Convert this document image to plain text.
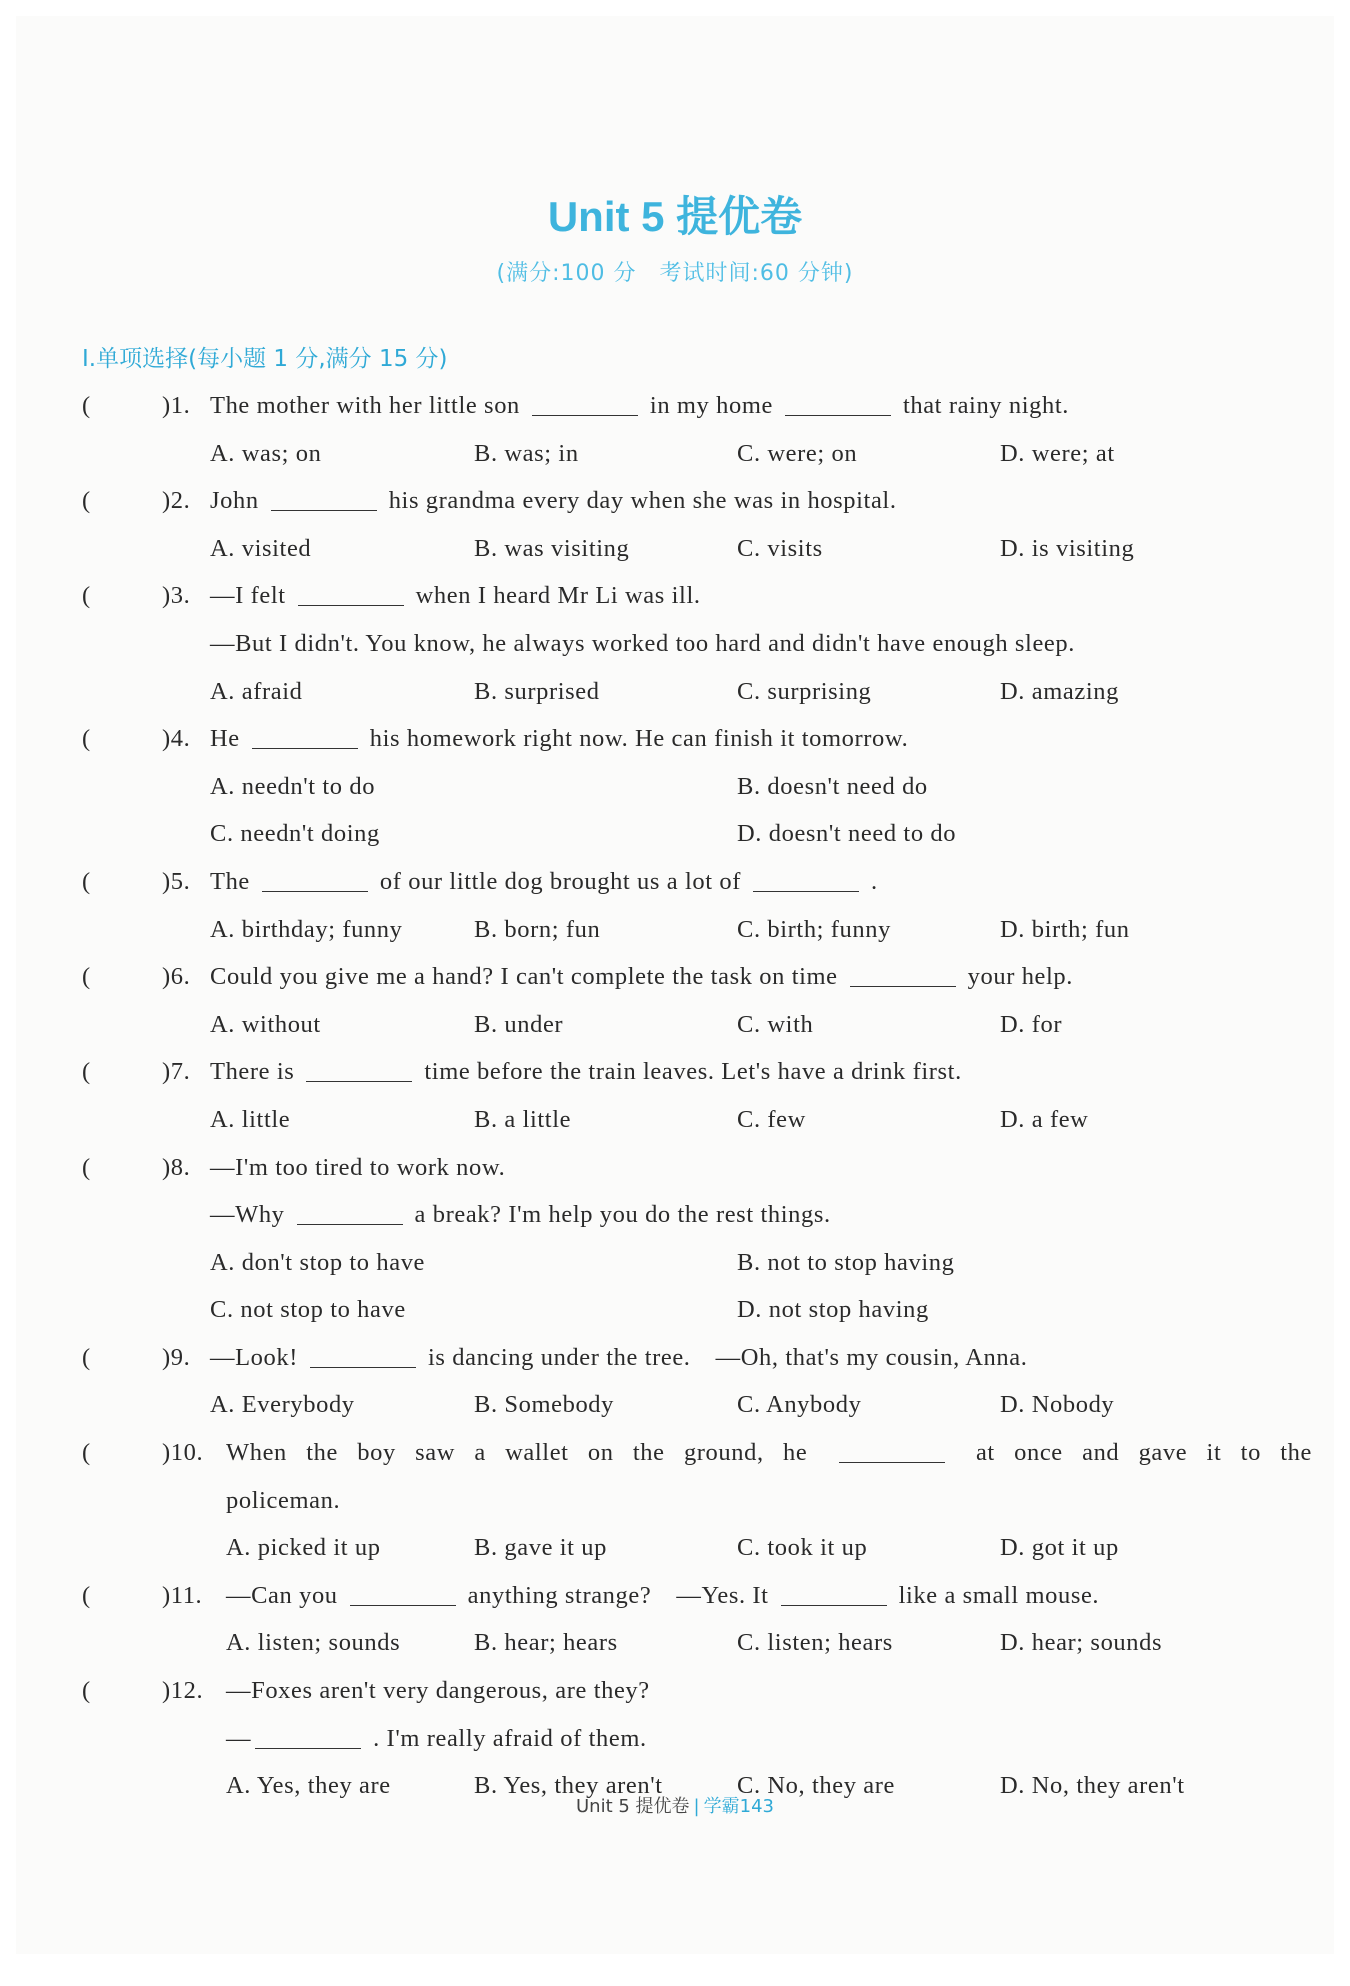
Unit 5 提优卷
(满分:100 分　考试时间:60 分钟)
Ⅰ.单项选择(每小题 1 分,满分 15 分)
(	)1. The mother with her little son	in my home	that rainy night.
A. was; on	B. was; in	C. were; on	D. were; at
(	)2. John	his grandma every day when she was in hospital.
A. visited	B. was visiting	C. visits	D. is visiting
(	)3. —I felt	when I heard Mr Li was ill.
—But I didn't. You know, he always worked too hard and didn't have enough sleep.
A. afraid	B. surprised	C. surprising	D. amazing
(	)4. He	his homework right now. He can finish it tomorrow.
A. needn't to do	B. doesn't need do
C. needn't doing	D. doesn't need to do
(	)5. The	of our little dog brought us a lot of	.
A. birthday; funny	B. born; fun	C. birth; funny	D. birth; fun
(	)6. Could you give me a hand? I can't complete the task on time	your help.
A. without	B. under	C. with	D. for
(	)7. There is	time before the train leaves. Let's have a drink first.
A. little	B. a little	C. few	D. a few
(	)8. —I'm too tired to work now.
—Why	a break? I'm help you do the rest things.
A. don't stop to have	B. not to stop having
C. not stop to have	D. not stop having
(	)9. —Look!	is dancing under the tree.　—Oh, that's my cousin, Anna.
A. Everybody	B. Somebody	C. Anybody	D. Nobody
(	)10. When the boy saw a wallet on the ground, he	at once and gave it to the
policeman.
A. picked it up	B. gave it up	C. took it up	D. got it up
(	)11. —Can you	anything strange?　—Yes. It	like a small mouse.
A. listen; sounds	B. hear; hears	C. listen; hears	D. hear; sounds
(	)12. —Foxes aren't very dangerous, are they?
—	. I'm really afraid of them.
A. Yes, they are	B. Yes, they aren't	C. No, they are	D. No, they aren't
Unit 5 提优卷 | 学霸143
